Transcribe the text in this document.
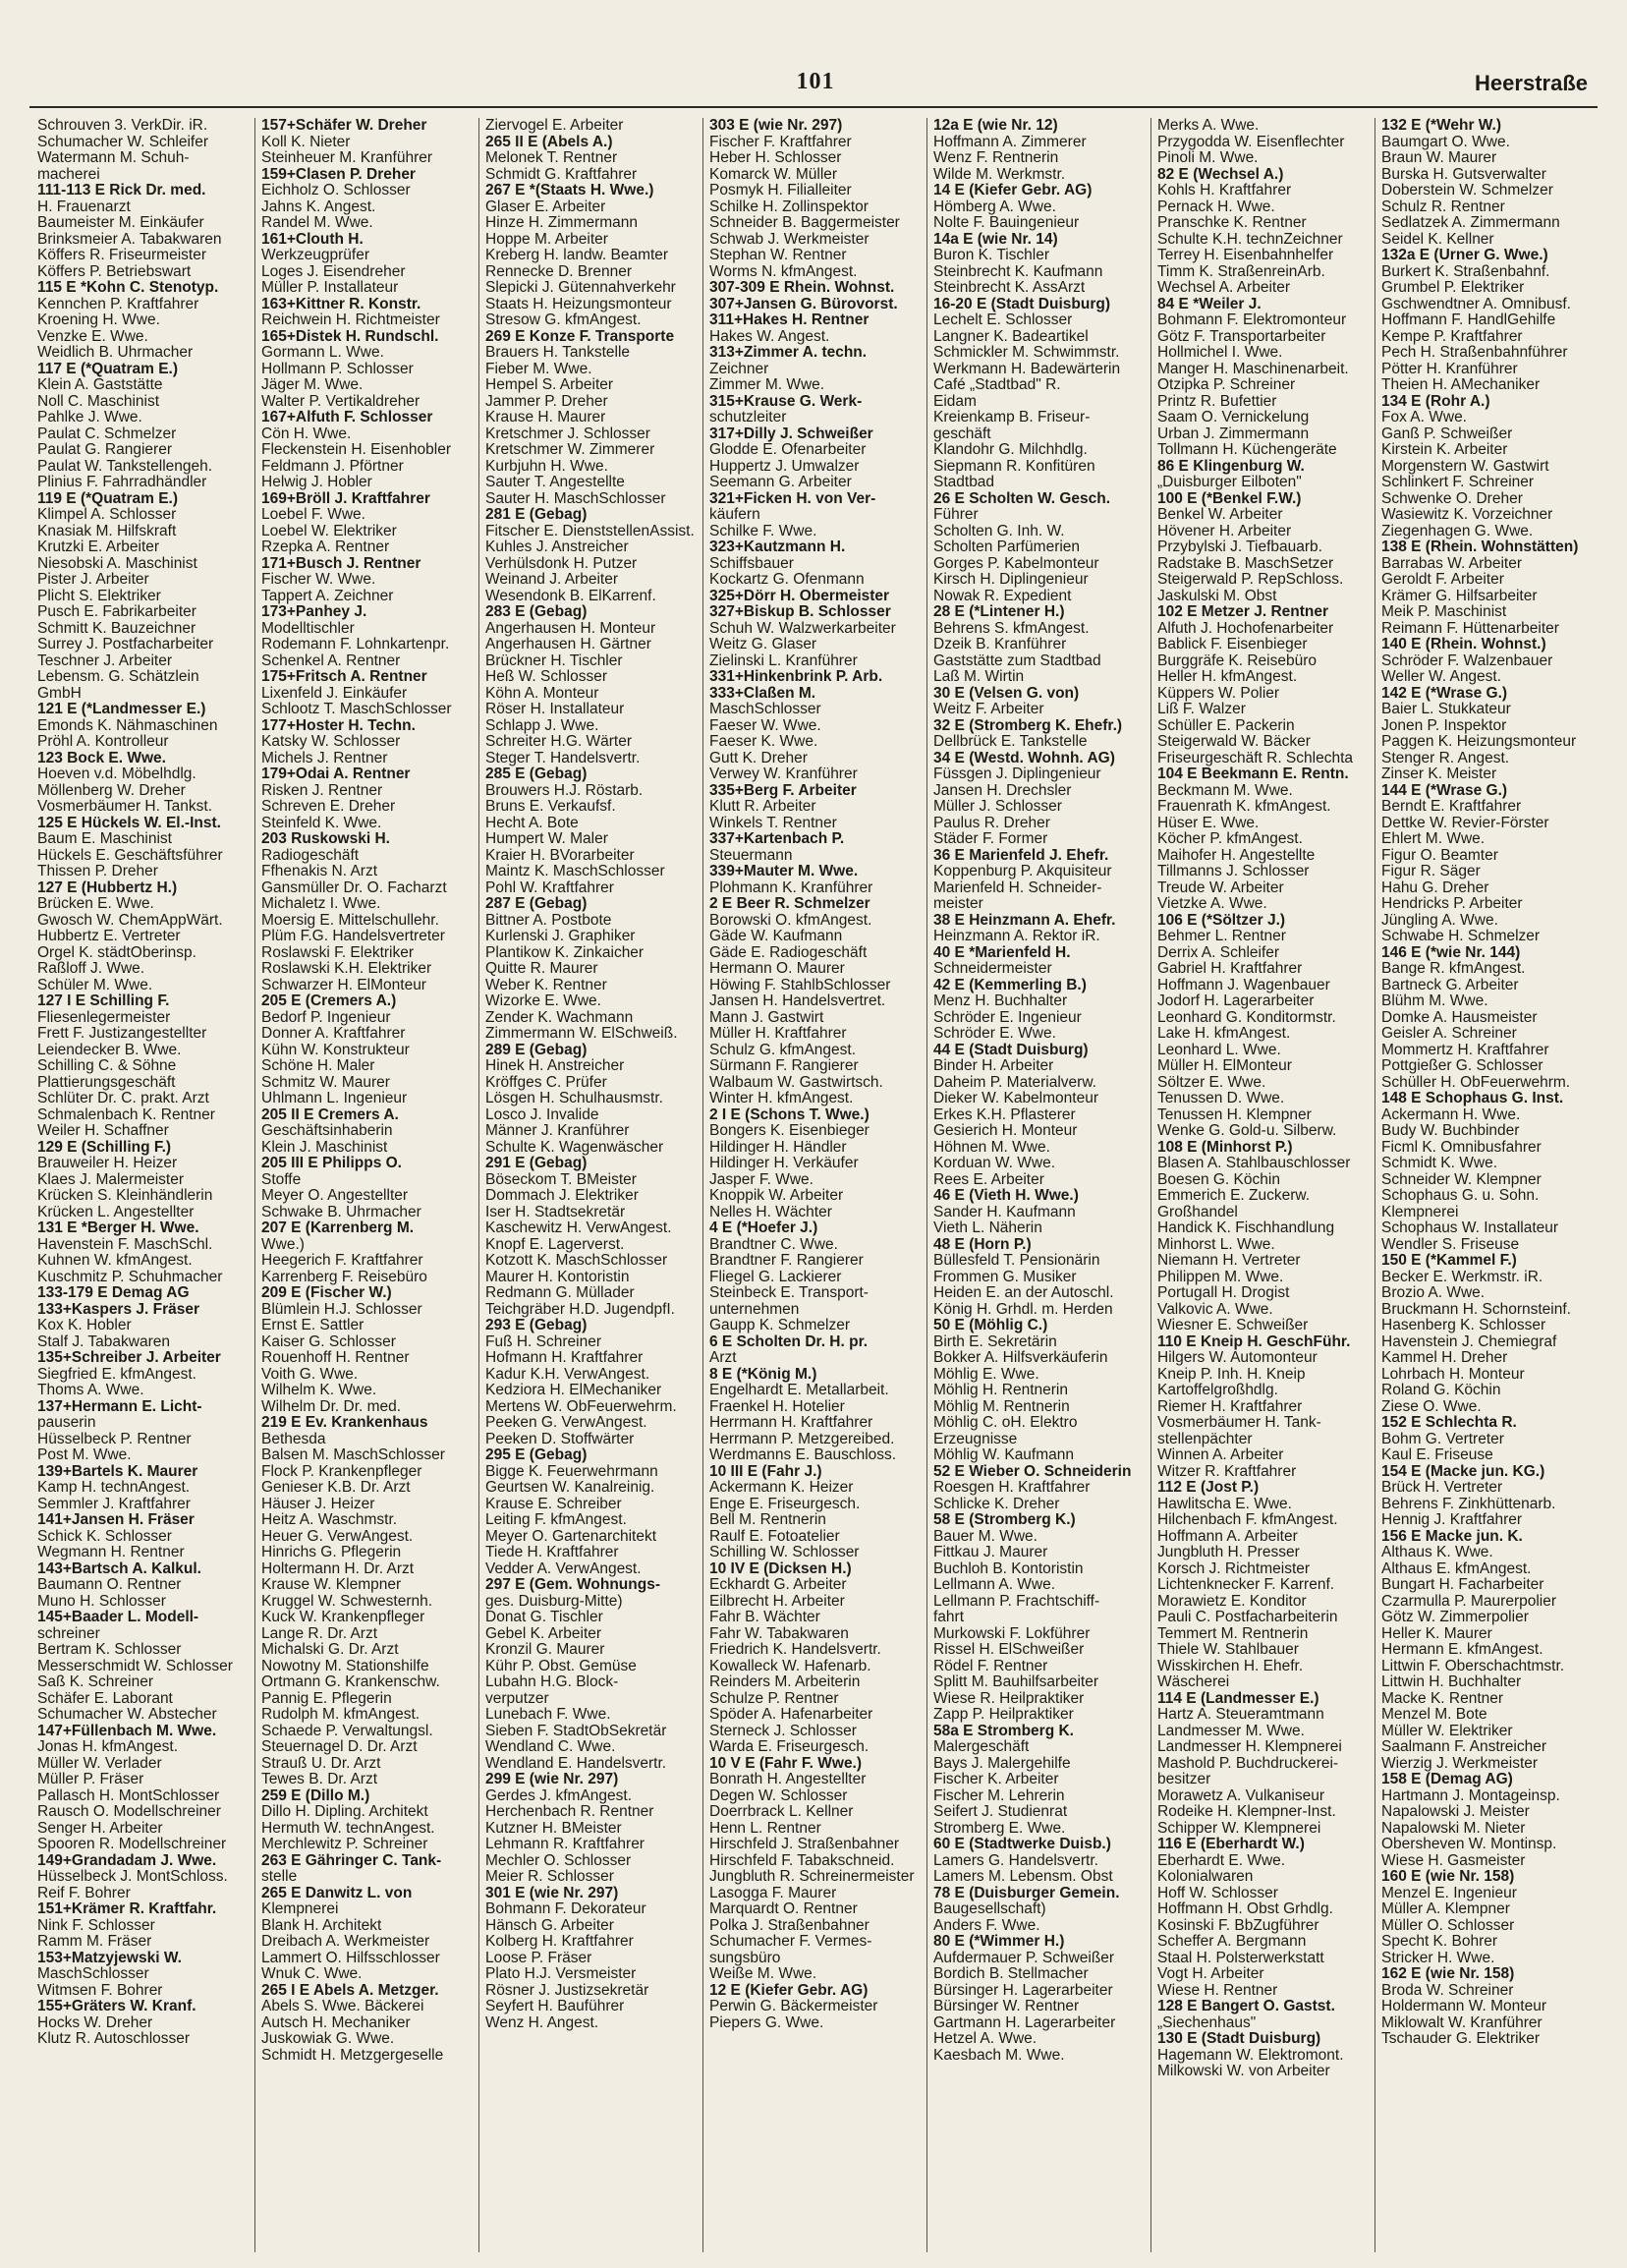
101	Heerstraße
Schrouven 3. VerkDir. iR.
Schumacher W. Schleifer
Watermann M. Schuh-
macherei
111-113 E Rick Dr. med.
H. Frauenarzt
Baumeister M. Einkäufer
Brinksmeier A. Tabakwaren
Köffers R. Friseurmeister
Köffers P. Betriebswart
115 E *Kohn C. Stenotyp.
Kennchen P. Kraftfahrer
Kroening H. Wwe.
Venzke E. Wwe.
Weidlich B. Uhrmacher
117 E (*Quatram E.)
Klein A. Gaststätte
Noll C. Maschinist
Pahlke J. Wwe.
Paulat C. Schmelzer
Paulat G. Rangierer
Paulat W. Tankstellengeh.
Plinius F. Fahrradhändler
119 E (*Quatram E.)
Klimpel A. Schlosser
Knasiak M. Hilfskraft
Krutzki E. Arbeiter
Niesobski A. Maschinist
Pister J. Arbeiter
Plicht S. Elektriker
Pusch E. Fabrikarbeiter
Schmitt K. Bauzeichner
Surrey J. Postfacharbeiter
Teschner J. Arbeiter
Lebensm. G. Schätzlein
GmbH
121 E (*Landmesser E.)
Emonds K. Nähmaschinen
Pröhl A. Kontrolleur
123 Bock E. Wwe.
Hoeven v.d. Möbelhdlg.
Möllenberg W. Dreher
Vosmerbäumer H. Tankst.
125 E Hückels W. El.-Inst.
Baum E. Maschinist
Hückels E. Geschäftsführer
Thissen P. Dreher
127 E (Hubbertz H.)
Brücken E. Wwe.
Gwosch W. ChemAppWärt.
Hubbertz E. Vertreter
Orgel K. städtOberinsp.
Raßloff J. Wwe.
Schüler M. Wwe.
127 I E Schilling F.
Fliesenlegermeister
Frett F. Justizangestellter
Leiendecker B. Wwe.
Schilling C. & Söhne
Plattierungsgeschäft
Schlüter Dr. C. prakt. Arzt
Schmalenbach K. Rentner
Weiler H. Schaffner
129 E (Schilling F.)
Brauweiler H. Heizer
Klaes J. Malermeister
Krücken S. Kleinhändlerin
Krücken L. Angestellter
131 E *Berger H. Wwe.
Havenstein F. MaschSchl.
Kuhnen W. kfmAngest.
Kuschmitz P. Schuhmacher
133-179 E Demag AG
133+Kaspers J. Fräser
Kox K. Hobler
Stalf J. Tabakwaren
135+Schreiber J. Arbeiter
Siegfried E. kfmAngest.
Thoms A. Wwe.
137+Hermann E. Licht-
pauserin
Hüsselbeck P. Rentner
Post M. Wwe.
139+Bartels K. Maurer
Kamp H. technAngest.
Semmler J. Kraftfahrer
141+Jansen H. Fräser
Schick K. Schlosser
Wegmann H. Rentner
143+Bartsch A. Kalkul.
Baumann O. Rentner
Muno H. Schlosser
145+Baader L. Modell-
schreiner
Bertram K. Schlosser
Messerschmidt W. Schlosser
Saß K. Schreiner
Schäfer E. Laborant
Schumacher W. Abstecher
147+Füllenbach M. Wwe.
Jonas H. kfmAngest.
Müller W. Verlader
Müller P. Fräser
Pallasch H. MontSchlosser
Rausch O. Modellschreiner
Senger H. Arbeiter
Spooren R. Modellschreiner
149+Grandadam J. Wwe.
Hüsselbeck J. MontSchloss.
Reif F. Bohrer
151+Krämer R. Kraftfahr.
Nink F. Schlosser
Ramm M. Fräser
153+Matzyjewski W.
MaschSchlosser
Witmsen F. Bohrer
155+Gräters W. Kranf.
Hocks W. Dreher
Klutz R. Autoschlosser
157+Schäfer W. Dreher
Koll K. Nieter
Steinheuer M. Kranführer
159+Clasen P. Dreher
Eichholz O. Schlosser
Jahns K. Angest.
Randel M. Wwe.
161+Clouth H.
Werkzeugprüfer
Loges J. Eisendreher
Müller P. Installateur
163+Kittner R. Konstr.
Reichwein H. Richtmeister
165+Distek H. Rundschl.
Gormann L. Wwe.
Hollmann P. Schlosser
Jäger M. Wwe.
Walter P. Vertikaldreher
167+Alfuth F. Schlosser
Cön H. Wwe.
Fleckenstein H. Eisenhobler
Feldmann J. Pförtner
Helwig J. Hobler
169+Bröll J. Kraftfahrer
Loebel F. Wwe.
Loebel W. Elektriker
Rzepka A. Rentner
171+Busch J. Rentner
Fischer W. Wwe.
Tappert A. Zeichner
173+Panhey J.
Modelltischler
Rodemann F. Lohnkartenpr.
Schenkel A. Rentner
175+Fritsch A. Rentner
Lixenfeld J. Einkäufer
Schlootz T. MaschSchlosser
177+Hoster H. Techn.
Katsky W. Schlosser
Michels J. Rentner
179+Odai A. Rentner
Risken J. Rentner
Schreven E. Dreher
Steinfeld K. Wwe.
203 Ruskowski H.
Radiogeschäft
Ffhenakis N. Arzt
Gansmüller Dr. O. Facharzt
Michaletz I. Wwe.
Moersig E. Mittelschullehr.
Plüm F.G. Handelsvertreter
Roslawski F. Elektriker
Roslawski K.H. Elektriker
Schwarzer H. ElMonteur
205 E (Cremers A.)
Bedorf P. Ingenieur
Donner A. Kraftfahrer
Kühn W. Konstrukteur
Schöne H. Maler
Schmitz W. Maurer
Uhlmann L. Ingenieur
205 II E Cremers A.
Geschäftsinhaberin
Klein J. Maschinist
205 III E Philipps O.
Stoffe
Meyer O. Angestellter
Schwake B. Uhrmacher
207 E (Karrenberg M.
Wwe.)
Heegerich F. Kraftfahrer
Karrenberg F. Reisebüro
209 E (Fischer W.)
Blümlein H.J. Schlosser
Ernst E. Sattler
Kaiser G. Schlosser
Rouenhoff H. Rentner
Voith G. Wwe.
Wilhelm K. Wwe.
Wilhelm Dr. Dr. med.
219 E Ev. Krankenhaus
Bethesda
Balsen M. MaschSchlosser
Flock P. Krankenpfleger
Genieser K.B. Dr. Arzt
Häuser J. Heizer
Heitz A. Waschmstr.
Heuer G. VerwAngest.
Hinrichs G. Pflegerin
Holtermann H. Dr. Arzt
Krause W. Klempner
Kruggel W. Schwesternh.
Kuck W. Krankenpfleger
Lange R. Dr. Arzt
Michalski G. Dr. Arzt
Nowotny M. Stationshilfe
Ortmann G. Krankenschw.
Pannig E. Pflegerin
Rudolph M. kfmAngest.
Schaede P. Verwaltungsl.
Steuernagel D. Dr. Arzt
Strauß U. Dr. Arzt
Tewes B. Dr. Arzt
259 E (Dillo M.)
Dillo H. Dipling. Architekt
Hermuth W. technAngest.
Merchlewitz P. Schreiner
263 E Gähringer C. Tank-
stelle
265 E Danwitz L. von
Klempnerei
Blank H. Architekt
Dreibach A. Werkmeister
Lammert O. Hilfsschlosser
Wnuk C. Wwe.
265 I E Abels A. Metzger.
Abels S. Wwe. Bäckerei
Autsch H. Mechaniker
Juskowiak G. Wwe.
Schmidt H. Metzgergeselle
Ziervogel E. Arbeiter
265 II E (Abels A.)
Melonek T. Rentner
Schmidt G. Kraftfahrer
267 E *(Staats H. Wwe.)
Glaser E. Arbeiter
Hinze H. Zimmermann
Hoppe M. Arbeiter
Kreberg H. landw. Beamter
Rennecke D. Brenner
Slepicki J. Gütennahverkehr
Staats H. Heizungsmonteur
Stresow G. kfmAngest.
269 E Konze F. Transporte
Brauers H. Tankstelle
Fieber M. Wwe.
Hempel S. Arbeiter
Jammer P. Dreher
Krause H. Maurer
Kretschmer J. Schlosser
Kretschmer W. Zimmerer
Kurbjuhn H. Wwe.
Sauter T. Angestellte
Sauter H. MaschSchlosser
281 E (Gebag)
Fitscher E. DienststellenAssist.
Kuhles J. Anstreicher
Verhülsdonk H. Putzer
Weinand J. Arbeiter
Wesendonk B. ElKarrenf.
283 E (Gebag)
Angerhausen H. Monteur
Angerhausen H. Gärtner
Brückner H. Tischler
Heß W. Schlosser
Köhn A. Monteur
Röser H. Installateur
Schlapp J. Wwe.
Schreiter H.G. Wärter
Steger T. Handelsvertr.
285 E (Gebag)
Brouwers H.J. Röstarb.
Bruns E. Verkaufsf.
Hecht A. Bote
Humpert W. Maler
Kraier H. BVorarbeiter
Maintz K. MaschSchlosser
Pohl W. Kraftfahrer
287 E (Gebag)
Bittner A. Postbote
Kurlenski J. Graphiker
Plantikow K. Zinkaicher
Quitte R. Maurer
Weber K. Rentner
Wizorke E. Wwe.
Zender K. Wachmann
Zimmermann W. ElSchweiß.
289 E (Gebag)
Hinek H. Anstreicher
Kröffges C. Prüfer
Lösgen H. Schulhausmstr.
Losco J. Invalide
Männer J. Kranführer
Schulte K. Wagenwäscher
291 E (Gebag)
Böseckom T. BMeister
Dommach J. Elektriker
Iser H. Stadtsekretär
Kaschewitz H. VerwAngest.
Knopf E. Lagerverst.
Kotzott K. MaschSchlosser
Maurer H. Kontoristin
Redmann G. Müllader
Teichgräber H.D. JugendpfI.
293 E (Gebag)
Fuß H. Schreiner
Hofmann H. Kraftfahrer
Kadur K.H. VerwAngest.
Kedziora H. ElMechaniker
Mertens W. ObFeuerwehrm.
Peeken G. VerwAngest.
Peeken D. Stoffwärter
295 E (Gebag)
Bigge K. Feuerwehrmann
Geurtsen W. Kanalreinig.
Krause E. Schreiber
Leiting F. kfmAngest.
Meyer O. Gartenarchitekt
Tiede H. Kraftfahrer
Vedder A. VerwAngest.
297 E (Gem. Wohnungs-
ges. Duisburg-Mitte)
Donat G. Tischler
Gebel K. Arbeiter
Kronzil G. Maurer
Kühr P. Obst. Gemüse
Lubahn H.G. Block-
verputzer
Lunebach F. Wwe.
Sieben F. StadtObSekretär
Wendland C. Wwe.
Wendland E. Handelsvertr.
299 E (wie Nr. 297)
Gerdes J. kfmAngest.
Herchenbach R. Rentner
Kutzner H. BMeister
Lehmann R. Kraftfahrer
Mechler O. Schlosser
Meier R. Schlosser
301 E (wie Nr. 297)
Bohmann F. Dekorateur
Hänsch G. Arbeiter
Kolberg H. Kraftfahrer
Loose P. Fräser
Plato H.J. Versmeister
Rösner J. Justizsekretär
Seyfert H. Bauführer
Wenz H. Angest.
303 E (wie Nr. 297)
Fischer F. Kraftfahrer
Heber H. Schlosser
Komarck W. Müller
Posmyk H. Filialleiter
Schilke H. Zollinspektor
Schneider B. Baggermeister
Schwab J. Werkmeister
Stephan W. Rentner
Worms N. kfmAngest.
307-309 E Rhein. Wohnst.
307+Jansen G. Bürovorst.
311+Hakes H. Rentner
Hakes W. Angest.
313+Zimmer A. techn.
Zeichner
Zimmer M. Wwe.
315+Krause G. Werk-
schutzleiter
317+Dilly J. Schweißer
Glodde E. Ofenarbeiter
Huppertz J. Umwalzer
Seemann G. Arbeiter
321+Ficken H. von Ver-
käufern
Schilke F. Wwe.
323+Kautzmann H.
Schiffsbauer
Kockartz G. Ofenmann
325+Dörr H. Obermeister
327+Biskup B. Schlosser
Schuh W. Walzwerkarbeiter
Weitz G. Glaser
Zielinski L. Kranführer
331+Hinkenbrink P. Arb.
333+Claßen M.
MaschSchlosser
Faeser W. Wwe.
Faeser K. Wwe.
Gutt K. Dreher
Verwey W. Kranführer
335+Berg F. Arbeiter
Klutt R. Arbeiter
Winkels T. Rentner
337+Kartenbach P.
Steuermann
339+Mauter M. Wwe.
Plohmann K. Kranführer
2 E Beer R. Schmelzer
Borowski O. kfmAngest.
Gäde W. Kaufmann
Gäde E. Radiogeschäft
Hermann O. Maurer
Höwing F. StahlbSchlosser
Jansen H. Handelsvertret.
Mann J. Gastwirt
Müller H. Kraftfahrer
Schulz G. kfmAngest.
Sürmann F. Rangierer
Walbaum W. Gastwirtsch.
Winter H. kfmAngest.
2 I E (Schons T. Wwe.)
Bongers K. Eisenbieger
Hildinger H. Händler
Hildinger H. Verkäufer
Jasper F. Wwe.
Knoppik W. Arbeiter
Nelles H. Wächter
4 E (*Hoefer J.)
Brandtner C. Wwe.
Brandtner F. Rangierer
Fliegel G. Lackierer
Steinbeck E. Transport-
unternehmen
Gaupp K. Schmelzer
6 E Scholten Dr. H. pr.
Arzt
8 E (*König M.)
Engelhardt E. Metallarbeit.
Fraenkel H. Hotelier
Herrmann H. Kraftfahrer
Herrmann P. Metzgereibed.
Werdmanns E. Bauschloss.
10 III E (Fahr J.)
Ackermann K. Heizer
Enge E. Friseurgesch.
Bell M. Rentnerin
Raulf E. Fotoatelier
Schilling W. Schlosser
10 IV E (Dicksen H.)
Eckhardt G. Arbeiter
Eilbrecht H. Arbeiter
Fahr B. Wächter
Fahr W. Tabakwaren
Friedrich K. Handelsvertr.
Kowalleck W. Hafenarb.
Reinders M. Arbeiterin
Schulze P. Rentner
Spöder A. Hafenarbeiter
Sterneck J. Schlosser
Warda E. Friseurgesch.
10 V E (Fahr F. Wwe.)
Bonrath H. Angestellter
Degen W. Schlosser
Doerrbrack L. Kellner
Henn L. Rentner
Hirschfeld J. Straßenbahner
Hirschfeld F. Tabakschneid.
Jungbluth R. Schreinermeister
Lasogga F. Maurer
Marquardt O. Rentner
Polka J. Straßenbahner
Schumacher F. Vermes-
sungsbüro
Weiße M. Wwe.
12 E (Kiefer Gebr. AG)
Perwin G. Bäckermeister
Piepers G. Wwe.
12a E (wie Nr. 12)
Hoffmann A. Zimmerer
Wenz F. Rentnerin
Wilde M. Werkmstr.
14 E (Kiefer Gebr. AG)
Hömberg A. Wwe.
Nolte F. Bauingenieur
14a E (wie Nr. 14)
Buron K. Tischler
Steinbrecht K. Kaufmann
Steinbrecht K. AssArzt
16-20 E (Stadt Duisburg)
Lechelt E. Schlosser
Langner K. Badeartikel
Schmickler M. Schwimmstr.
Werkmann H. Badewärterin
Café „Stadtbad" R.
Eidam
Kreienkamp B. Friseur-
geschäft
Klandohr G. Milchhdlg.
Siepmann R. Konfitüren
Stadtbad
26 E Scholten W. Gesch.
Führer
Scholten G. Inh. W.
Scholten Parfümerien
Gorges P. Kabelmonteur
Kirsch H. Diplingenieur
Nowak R. Expedient
28 E (*Lintener H.)
Behrens S. kfmAngest.
Dzeik B. Kranführer
Gaststätte zum Stadtbad
Laß M. Wirtin
30 E (Velsen G. von)
Weitz F. Arbeiter
32 E (Stromberg K. Ehefr.)
Dellbrück E. Tankstelle
34 E (Westd. Wohnh. AG)
Füssgen J. Diplingenieur
Jansen H. Drechsler
Müller J. Schlosser
Paulus R. Dreher
Städer F. Former
36 E Marienfeld J. Ehefr.
Koppenburg P. Akquisiteur
Marienfeld H. Schneider-
meister
38 E Heinzmann A. Ehefr.
Heinzmann A. Rektor iR.
40 E *Marienfeld H.
Schneidermeister
42 E (Kemmerling B.)
Menz H. Buchhalter
Schröder E. Ingenieur
Schröder E. Wwe.
44 E (Stadt Duisburg)
Binder H. Arbeiter
Daheim P. Materialverw.
Dieker W. Kabelmonteur
Erkes K.H. Pflasterer
Gesierich H. Monteur
Höhnen M. Wwe.
Korduan W. Wwe.
Rees E. Arbeiter
46 E (Vieth H. Wwe.)
Sander H. Kaufmann
Vieth L. Näherin
48 E (Horn P.)
Büllesfeld T. Pensionärin
Frommen G. Musiker
Heiden E. an der Autoschl.
König H. Grhdl. m. Herden
50 E (Möhlig C.)
Birth E. Sekretärin
Bokker A. Hilfsverkäuferin
Möhlig E. Wwe.
Möhlig H. Rentnerin
Möhlig M. Rentnerin
Möhlig C. oH. Elektro
Erzeugnisse
Möhlig W. Kaufmann
52 E Wieber O. Schneiderin
Roesgen H. Kraftfahrer
Schlicke K. Dreher
58 E (Stromberg K.)
Bauer M. Wwe.
Fittkau J. Maurer
Buchloh B. Kontoristin
Lellmann A. Wwe.
Lellmann P. Frachtschiff-
fahrt
Murkowski F. Lokführer
Rissel H. ElSchweißer
Rödel F. Rentner
Splitt M. Bauhilfsarbeiter
Wiese R. Heilpraktiker
Zapp P. Heilpraktiker
58a E Stromberg K.
Malergeschäft
Bays J. Malergehilfe
Fischer K. Arbeiter
Fischer M. Lehrerin
Seifert J. Studienrat
Stromberg E. Wwe.
60 E (Stadtwerke Duisb.)
Lamers G. Handelsvertr.
Lamers M. Lebensm. Obst
78 E (Duisburger Gemein.
Baugesellschaft)
Anders F. Wwe.
80 E (*Wimmer H.)
Aufdermauer P. Schweißer
Bordich B. Stellmacher
Bürsinger H. Lagerarbeiter
Bürsinger W. Rentner
Gartmann H. Lagerarbeiter
Hetzel A. Wwe.
Kaesbach M. Wwe.
Merks A. Wwe.
Przygodda W. Eisenflechter
Pinoli M. Wwe.
82 E (Wechsel A.)
Kohls H. Kraftfahrer
Pernack H. Wwe.
Pranschke K. Rentner
Schulte K.H. technZeichner
Terrey H. Eisenbahnhelfer
Timm K. StraßenreinArb.
Wechsel A. Arbeiter
84 E *Weiler J.
Bohmann F. Elektromonteur
Götz F. Transportarbeiter
Hollmichel I. Wwe.
Manger H. Maschinenarbeit.
Otzipka P. Schreiner
Printz R. Bufettier
Saam O. Vernickelung
Urban J. Zimmermann
Tollmann H. Küchengeräte
86 E Klingenburg W.
„Duisburger Eilboten"
100 E (*Benkel F.W.)
Benkel W. Arbeiter
Hövener H. Arbeiter
Przybylski J. Tiefbauarb.
Radstake B. MaschSetzer
Steigerwald P. RepSchloss.
Jaskulski M. Obst
102 E Metzer J. Rentner
Alfuth J. Hochofenarbeiter
Bablick F. Eisenbieger
Burggräfe K. Reisebüro
Heller H. kfmAngest.
Küppers W. Polier
Liß F. Walzer
Schüller E. Packerin
Steigerwald W. Bäcker
Friseurgeschäft R. Schlechta
104 E Beekmann E. Rentn.
Beckmann M. Wwe.
Frauenrath K. kfmAngest.
Hüser E. Wwe.
Köcher P. kfmAngest.
Maihofer H. Angestellte
Tillmanns J. Schlosser
Treude W. Arbeiter
Vietzke A. Wwe.
106 E (*Söltzer J.)
Behmer L. Rentner
Derrix A. Schleifer
Gabriel H. Kraftfahrer
Hoffmann J. Wagenbauer
Jodorf H. Lagerarbeiter
Leonhard G. Konditormstr.
Lake H. kfmAngest.
Leonhard L. Wwe.
Müller H. ElMonteur
Söltzer E. Wwe.
Tenussen D. Wwe.
Tenussen H. Klempner
Wenke G. Gold-u. Silberw.
108 E (Minhorst P.)
Blasen A. Stahlbauschlosser
Boesen G. Köchin
Emmerich E. Zuckerw.
Großhandel
Handick K. Fischhandlung
Minhorst L. Wwe.
Niemann H. Vertreter
Philippen M. Wwe.
Portugall H. Drogist
Valkovic A. Wwe.
Wiesner E. Schweißer
110 E Kneip H. GeschFühr.
Hilgers W. Automonteur
Kneip P. Inh. H. Kneip
Kartoffelgroßhdlg.
Riemer H. Kraftfahrer
Vosmerbäumer H. Tank-
stellenpächter
Winnen A. Arbeiter
Witzer R. Kraftfahrer
112 E (Jost P.)
Hawlitscha E. Wwe.
Hilchenbach F. kfmAngest.
Hoffmann A. Arbeiter
Jungbluth H. Presser
Korsch J. Richtmeister
Lichtenknecker F. Karrenf.
Morawietz E. Konditor
Pauli C. Postfacharbeiterin
Temmert M. Rentnerin
Thiele W. Stahlbauer
Wisskirchen H. Ehefr.
Wäscherei
114 E (Landmesser E.)
Hartz A. Steueramtmann
Landmesser M. Wwe.
Landmesser H. Klempnerei
Mashold P. Buchdruckerei-
besitzer
Morawetz A. Vulkaniseur
Rodeike H. Klempner-Inst.
Schipper W. Klempnerei
116 E (Eberhardt W.)
Eberhardt E. Wwe.
Kolonialwaren
Hoff W. Schlosser
Hoffmann H. Obst Grhdlg.
Kosinski F. BbZugführer
Scheffer A. Bergmann
Staal H. Polsterwerkstatt
Vogt H. Arbeiter
Wiese H. Rentner
128 E Bangert O. Gastst.
„Siechenhaus"
130 E (Stadt Duisburg)
Hagemann W. Elektromont.
Milkowski W. von Arbeiter
132 E (*Wehr W.)
Baumgart O. Wwe.
Braun W. Maurer
Burska H. Gutsverwalter
Doberstein W. Schmelzer
Schulz R. Rentner
Sedlatzek A. Zimmermann
Seidel K. Kellner
132a E (Urner G. Wwe.)
Burkert K. Straßenbahnf.
Grumbel P. Elektriker
Gschwendtner A. Omnibusf.
Hoffmann F. HandlGehilfe
Kempe P. Kraftfahrer
Pech H. Straßenbahnführer
Pötter H. Kranführer
Theien H. AMechaniker
134 E (Rohr A.)
Fox A. Wwe.
Ganß P. Schweißer
Kirstein K. Arbeiter
Morgenstern W. Gastwirt
Schlinkert F. Schreiner
Schwenke O. Dreher
Wasiewitz K. Vorzeichner
Ziegenhagen G. Wwe.
138 E (Rhein. Wohnstätten)
Barrabas W. Arbeiter
Geroldt F. Arbeiter
Krämer G. Hilfsarbeiter
Meik P. Maschinist
Reimann F. Hüttenarbeiter
140 E (Rhein. Wohnst.)
Schröder F. Walzenbauer
Weller W. Angest.
142 E (*Wrase G.)
Baier L. Stukkateur
Jonen P. Inspektor
Paggen K. Heizungsmonteur
Stenger R. Angest.
Zinser K. Meister
144 E (*Wrase G.)
Berndt E. Kraftfahrer
Dettke W. Revier-Förster
Ehlert M. Wwe.
Figur O. Beamter
Figur R. Säger
Hahu G. Dreher
Hendricks P. Arbeiter
Jüngling A. Wwe.
Schwabe H. Schmelzer
146 E (*wie Nr. 144)
Bange R. kfmAngest.
Bartneck G. Arbeiter
Blühm M. Wwe.
Domke A. Hausmeister
Geisler A. Schreiner
Mommertz H. Kraftfahrer
Pottgießer G. Schlosser
Schüller H. ObFeuerwehrm.
148 E Schophaus G. Inst.
Ackermann H. Wwe.
Budy W. Buchbinder
Ficml K. Omnibusfahrer
Schmidt K. Wwe.
Schneider W. Klempner
Schophaus G. u. Sohn.
Klempnerei
Schophaus W. Installateur
Wendler S. Friseuse
150 E (*Kammel F.)
Becker E. Werkmstr. iR.
Brozio A. Wwe.
Bruckmann H. Schornsteinf.
Hasenberg K. Schlosser
Havenstein J. Chemiegraf
Kammel H. Dreher
Lohrbach H. Monteur
Roland G. Köchin
Ziese O. Wwe.
152 E Schlechta R.
Bohm G. Vertreter
Kaul E. Friseuse
154 E (Macke jun. KG.)
Brück H. Vertreter
Behrens F. Zinkhüttenarb.
Hennig J. Kraftfahrer
156 E Macke jun. K.
Althaus K. Wwe.
Althaus E. kfmAngest.
Bungart H. Facharbeiter
Czarmulla P. Maurerpolier
Götz W. Zimmerpolier
Heller K. Maurer
Hermann E. kfmAngest.
Littwin F. Oberschachtmstr.
Littwin H. Buchhalter
Macke K. Rentner
Menzel M. Bote
Müller W. Elektriker
Saalmann F. Anstreicher
Wierzig J. Werkmeister
158 E (Demag AG)
Hartmann J. Montageinsp.
Napalowski J. Meister
Napalowski M. Nieter
Obersheven W. Montinsp.
Wiese H. Gasmeister
160 E (wie Nr. 158)
Menzel E. Ingenieur
Müller A. Klempner
Müller O. Schlosser
Specht K. Bohrer
Stricker H. Wwe.
162 E (wie Nr. 158)
Broda W. Schreiner
Holdermann W. Monteur
Miklowalt W. Kranführer
Tschauder G. Elektriker
